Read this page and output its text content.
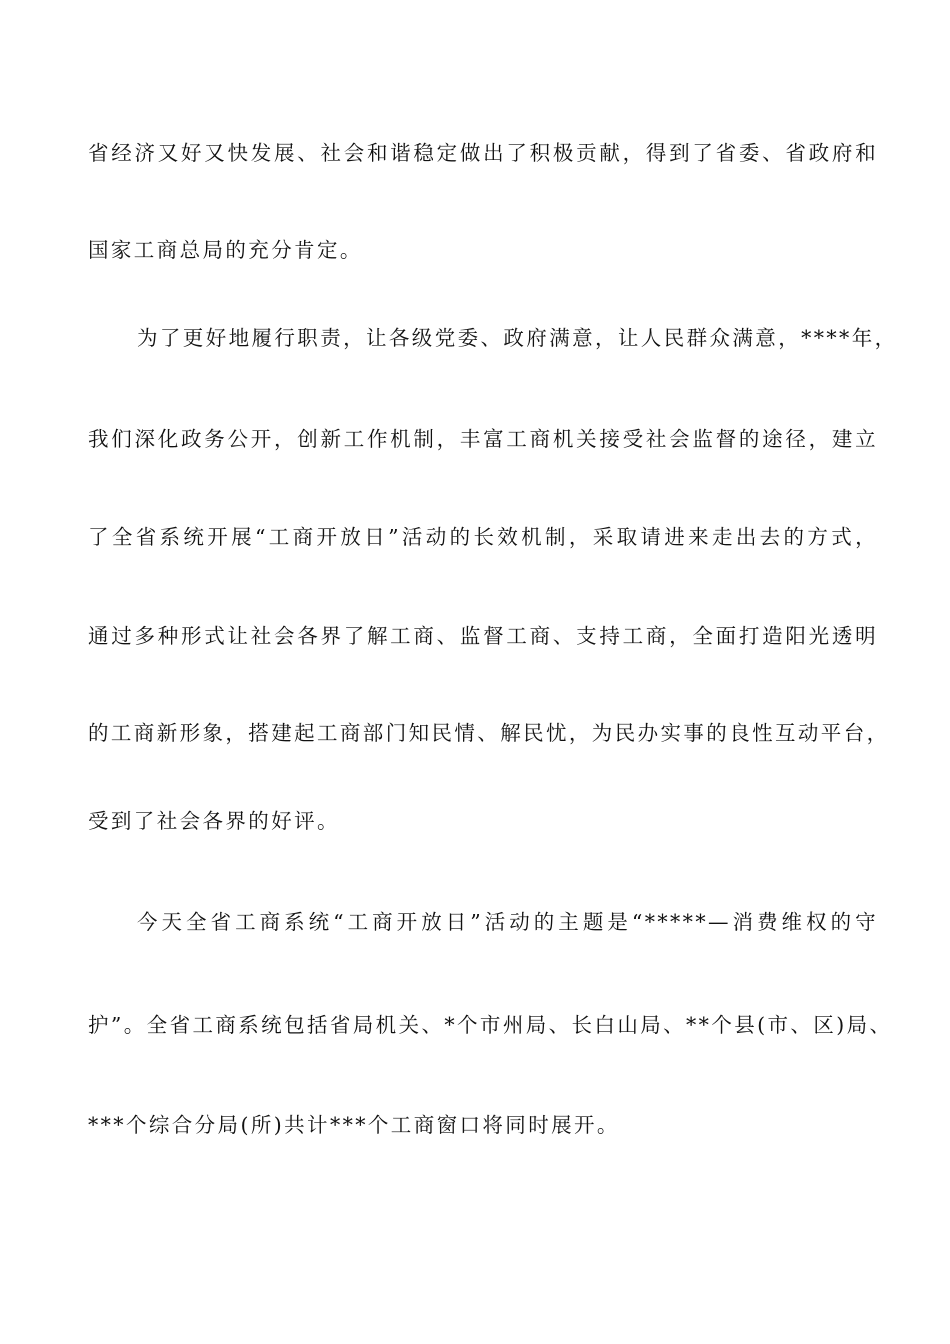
省经济又好又快发展、社会和谐稳定做出了积极贡献，得到了省委、省政府和
国家工商总局的充分肯定。
为了更好地履行职责，让各级党委、政府满意，让人民群众满意，****年，
我们深化政务公开，创新工作机制，丰富工商机关接受社会监督的途径，建立
了全省系统开展“工商开放日”活动的长效机制，采取请进来走出去的方式，
通过多种形式让社会各界了解工商、监督工商、支持工商，全面打造阳光透明
的工商新形象，搭建起工商部门知民情、解民忧，为民办实事的良性互动平台，
受到了社会各界的好评。
今天全省工商系统“工商开放日”活动的主题是“*****—消费维权的守
护”。全省工商系统包括省局机关、*个市州局、长白山局、**个县(市、区)局、
***个综合分局(所)共计***个工商窗口将同时展开。
